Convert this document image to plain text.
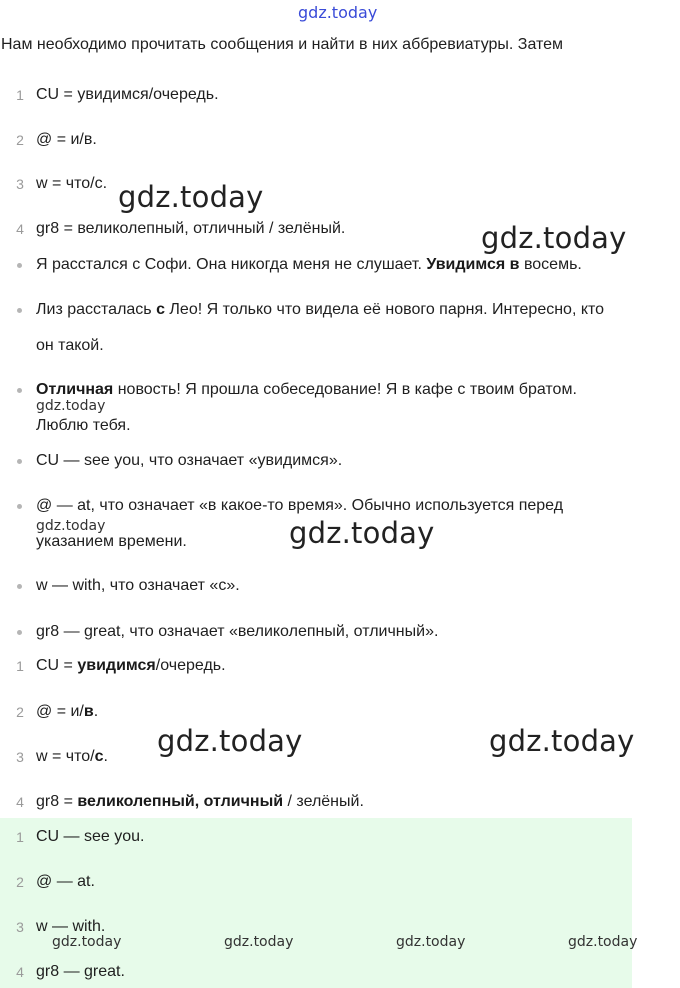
gdz.today
Нам необходимо прочитать сообщения и найти в них аббревиатуры. Затем
1 CU = увидимся/очередь.
2 @ = и/в.
3 w = что/с.
4 gr8 = великолепный, отличный / зелёный.
Я расстался с Софи. Она никогда меня не слушает. Увидимся в восемь.
Лиз рассталась с Лео! Я только что видела её нового парня. Интересно, кто
он такой.
Отличная новость! Я прошла собеседование! Я в кафе с твоим братом.
Люблю тебя.
CU — see you, что означает «увидимся».
@ — at, что означает «в какое-то время». Обычно используется перед
указанием времени.
w — with, что означает «с».
gr8 — great, что означает «великолепный, отличный».
1 CU = увидимся/очередь.
2 @ = и/в.
3 w = что/с.
4 gr8 = великолепный, отличный / зелёный.
1 CU — see you.
2 @ — at.
3 w — with.
4 gr8 — great.
gdz.today
gdz.today
gdz.today
gdz.today	gdz.today
gdz.today	gdz.today
gdz.today	gdz.today	gdz.today	gdz.today
